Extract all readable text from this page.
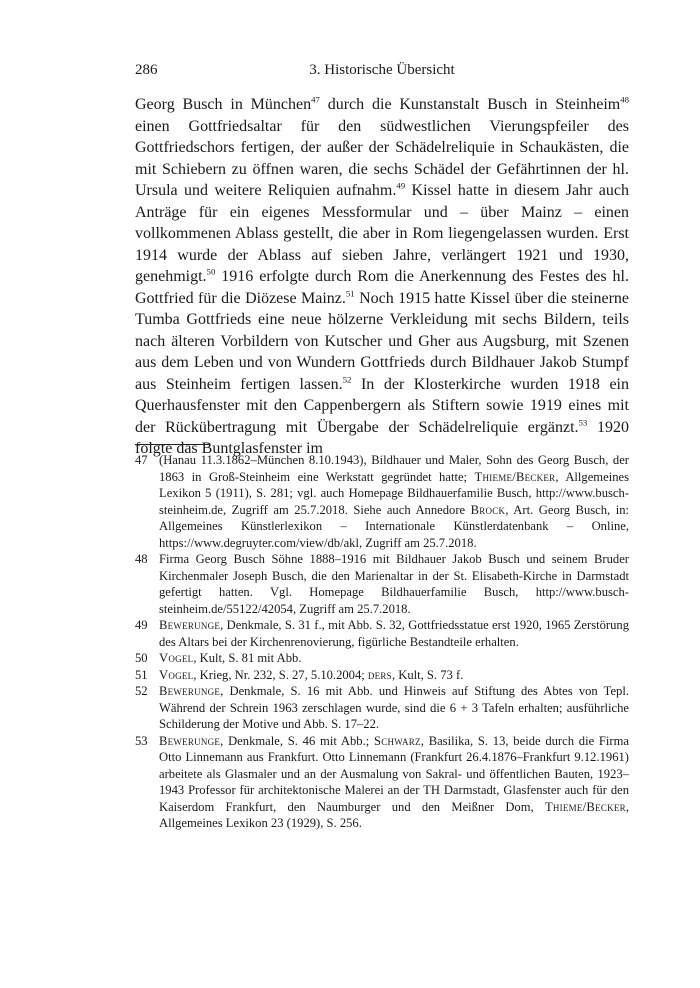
286	3. Historische Übersicht

Georg Busch in München$^{47}$ durch die Kunstanstalt Busch in Steinheim$^{48}$ einen Gottfriedsaltar für den südwestlichen Vierungspfeiler des Gottfriedschors fertigen, der außer der Schädelreliquie in Schaukästen, die mit Schiebern zu öffnen waren, die sechs Schädel der Gefährtinnen der hl. Ursula und weitere Reliquien aufnahm.$^{49}$ Kissel hatte in diesem Jahr auch Anträge für ein eigenes Messformular und – über Mainz – einen vollkommenen Ablass gestellt, die aber in Rom liegengelassen wurden. Erst 1914 wurde der Ablass auf sieben Jahre, verlängert 1921 und 1930, genehmigt.$^{50}$ 1916 erfolgte durch Rom die Anerkennung des Festes des hl. Gottfried für die Diözese Mainz.$^{51}$ Noch 1915 hatte Kissel über die steinerne Tumba Gottfrieds eine neue hölzerne Verkleidung mit sechs Bildern, teils nach älteren Vorbildern von Kutscher und Gher aus Augsburg, mit Szenen aus dem Leben und von Wundern Gottfrieds durch Bildhauer Jakob Stumpf aus Steinheim fertigen lassen.$^{52}$ In der Klosterkirche wurden 1918 ein Querhausfenster mit den Cappenbergern als Stiftern sowie 1919 eines mit der Rückübertragung mit Übergabe der Schädelreliquie ergänzt.$^{53}$ 1920 folgte das Buntglasfenster im

47 (Hanau 11.3.1862–München 8.10.1943), Bildhauer und Maler, Sohn des Georg Busch, der 1863 in Groß-Steinheim eine Werkstatt gegründet hatte; Thieme/Becker, Allgemeines Lexikon 5 (1911), S. 281; vgl. auch Homepage Bildhauerfamilie Busch, http://www.busch-steinheim.de, Zugriff am 25.7.2018. Siehe auch Annedore Brock, Art. Georg Busch, in: Allgemeines Künstlerlexikon – Internationale Künstlerdatenbank – Online, https://www.degruyter.com/view/db/akl, Zugriff am 25.7.2018.
48 Firma Georg Busch Söhne 1888–1916 mit Bildhauer Jakob Busch und seinem Bruder Kirchenmaler Joseph Busch, die den Marienaltar in der St. Elisabeth-Kirche in Darmstadt gefertigt hatten. Vgl. Homepage Bildhauerfamilie Busch, http://www.busch-steinheim.de/55122/42054, Zugriff am 25.7.2018.
49 Bewerunge, Denkmale, S. 31 f., mit Abb. S. 32, Gottfriedsstatue erst 1920, 1965 Zerstörung des Altars bei der Kirchenrenovierung, figürliche Bestandteile erhalten.
50 Vogel, Kult, S. 81 mit Abb.
51 Vogel, Krieg, Nr. 232, S. 27, 5.10.2004; ders, Kult, S. 73 f.
52 Bewerunge, Denkmale, S. 16 mit Abb. und Hinweis auf Stiftung des Abtes von Tepl. Während der Schrein 1963 zerschlagen wurde, sind die 6 + 3 Tafeln erhalten; ausführliche Schilderung der Motive und Abb. S. 17–22.
53 Bewerunge, Denkmale, S. 46 mit Abb.; Schwarz, Basilika, S. 13, beide durch die Firma Otto Linnemann aus Frankfurt. Otto Linnemann (Frankfurt 26.4.1876–Frankfurt 9.12.1961) arbeitete als Glasmaler und an der Ausmalung von Sakral- und öffentlichen Bauten, 1923–1943 Professor für architektonische Malerei an der TH Darmstadt, Glasfenster auch für den Kaiserdom Frankfurt, den Naumburger und den Meißner Dom, Thieme/Becker, Allgemeines Lexikon 23 (1929), S. 256.
